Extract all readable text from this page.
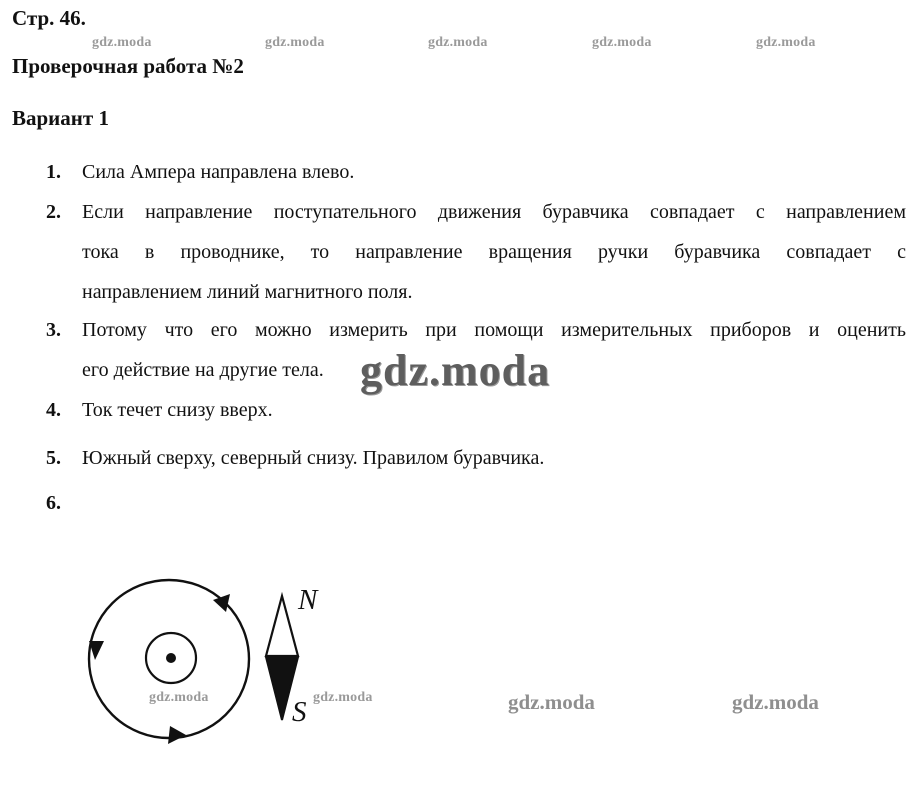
Стр. 46.
Проверочная работа №2
Вариант 1
gdz.moda	gdz.moda	gdz.moda	gdz.moda	gdz.moda
1. Сила Ампера направлена влево.
2. Если направление поступательного движения буравчика совпадает с направлением
тока в проводнике, то направление вращения ручки буравчика совпадает с
направлением линий магнитного поля.
3. Потому что его можно измерить при помощи измерительных приборов и оценить
его действие на другие тела. gdz.moda
4. Ток течет снизу вверх.
5. Южный сверху, северный снизу. Правилом буравчика.
6.
N
S
gdz.moda	gdz.moda	gdz.moda	gdz.moda
